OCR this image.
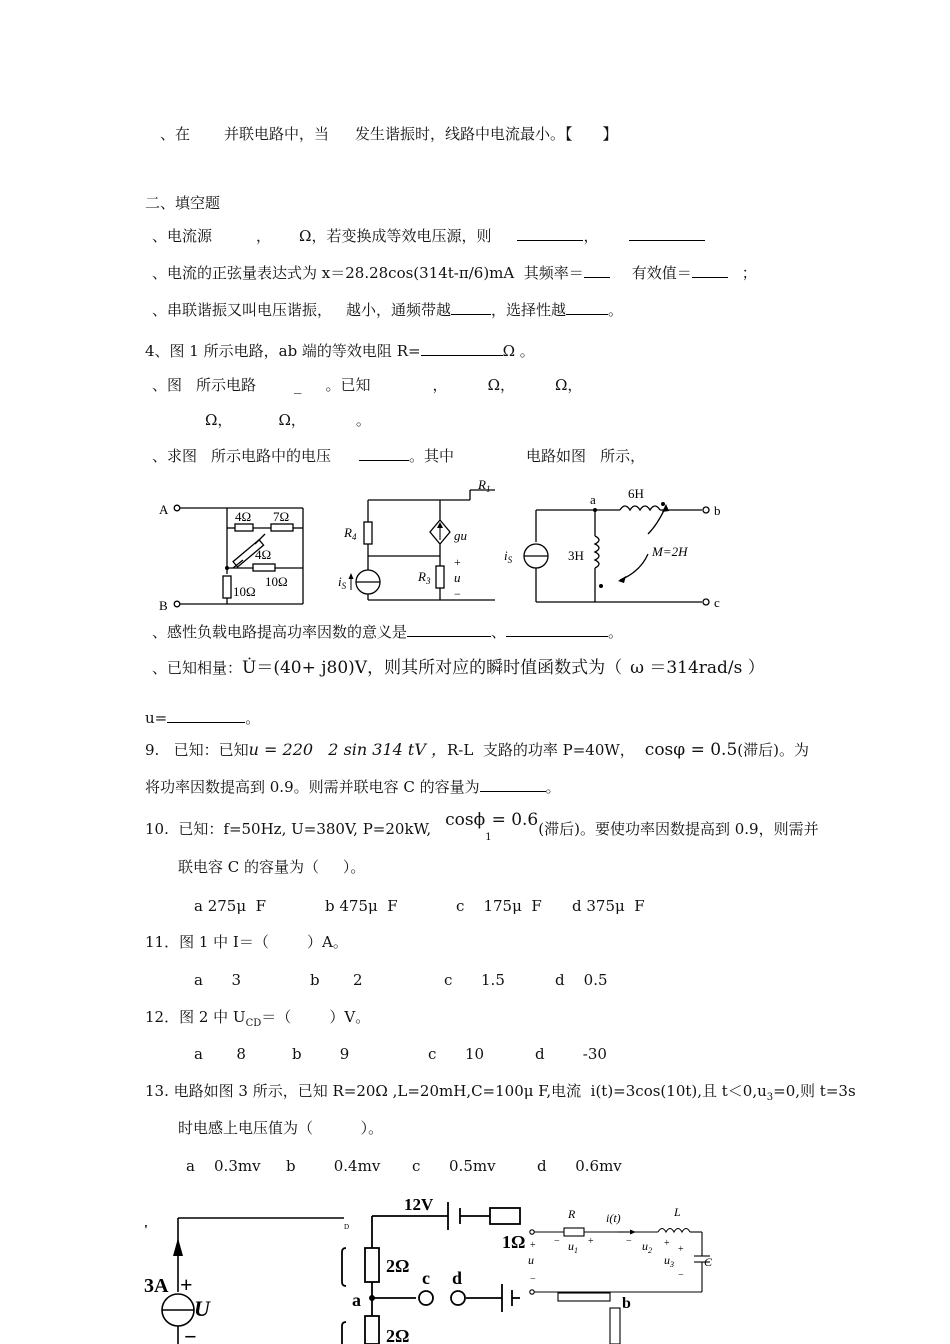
、在 并联电路中，当 发生谐振时，线路中电流最小。【 】
二、填空题
、电流源	， Ω，若变换成等效电压源，则	，
、电流的正弦量表达式为 x＝28.28cos(314t-π/6)mA  其频率＝	有效值＝	；
、串联谐振又叫电压谐振， 越小，通频带越	，选择性越	。
4、图 1 所示电路，ab 端的等效电阻 R=	Ω 。
、图 所示电路	_ 。已知	，	Ω，	Ω，
Ω，	Ω，	。
、求图 所示电路中的电压	。其中	电路如图 所示，
A
B
4Ω 7Ω
4Ω
10Ω
10Ω
$R_1$
$R_4$
$R_3$
gu
$i_S$
+
u
−
a
b
c
6H
3H	M=2H
$i_S$
、感性负载电路提高功率因数的意义是	、	。
、已知相量：U̇＝(40+ j80)V，则其所对应的瞬时值函数式为（ ω ＝314rad/s ）
u=	。
9.   已知：已知u = 220   2 sin 314 tV ，R-L  支路的功率 P=40W， cosφ = 0.5(滞后)。为
将功率因数提高到 0.9。则需并联电容 C 的容量为	。
10.  已知：f=50Hz, U=380V, P=20kW, cosϕ$_1$= 0.6(滞后)。要使功率因数提高到 0.9，则需并
联电容 C 的容量为（     ）。
a 275μ  F	b 475μ  F	c    175μ  F d 375μ  F
11．图 1 中 I＝（        ）A。
a      3	b       2	c      1.5	d    0.5
12．图 2 中 $U_{CD}=$（        ）V。
a       8	b        9	c      10	d        -30
13. 电路如图 3 所示，已知 R=20Ω ,L=20mH,C=100μ F,电流  i(t)=3cos(10t),且 $t<0,u_3=0$,则 t=3s
时电感上电压值为（          ）。
a    0.3mv b        0.4mv c      0.5mv	d      0.6mv
'	D
3A +
U
−
12V
2Ω
2Ω
1Ω
a
c d
R	i(t)	L
C
+
u
−
− $u_1$
+	− $u_2$
+
+
$u_3$
−
b
